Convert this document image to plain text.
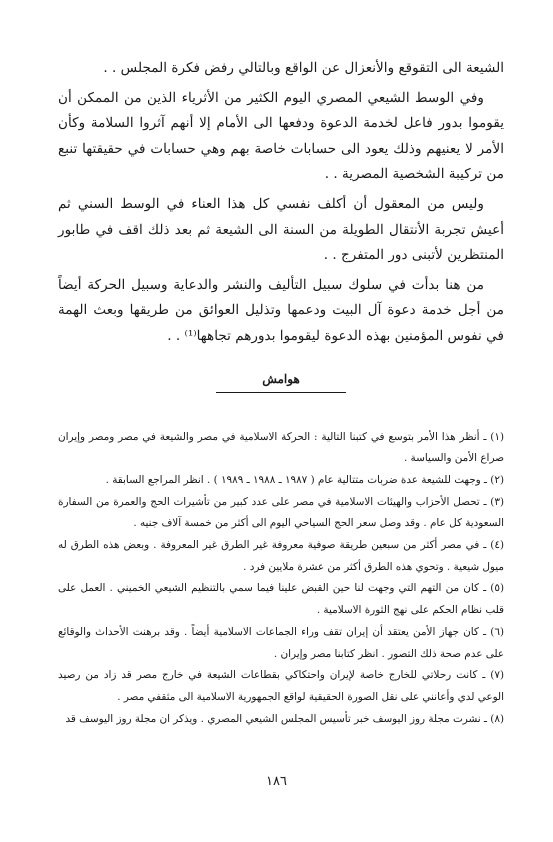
الشيعة الى التقوقع والأنعزال عن الواقع وبالتالي رفض فكرة المجلس . .

وفي الوسط الشيعي المصري اليوم الكثير من الأثرياء الذين من الممكن أن يقوموا بدور فاعل لخدمة الدعوة ودفعها الى الأمام إلا أنهم آثروا السلامة وكأن الأمر لا يعنيهم وذلك يعود الى حسابات خاصة بهم وهي حسابات في حقيقتها تنبع من تركيبة الشخصية المصرية . .

وليس من المعقول أن أكلف نفسي كل هذا العناء في الوسط السني ثم أعيش تجربة الأنتقال الطويلة من السنة الى الشيعة ثم بعد ذلك اقف في طابور المنتظرين لأتبنى دور المتفرج . .

من هنا بدأت في سلوك سبيل التأليف والنشر والدعاية وسبيل الحركة أيضاً من أجل خدمة دعوة آل البيت ودعمها وتذليل العوائق من طريقها وبعث الهمة في نفوس المؤمنين بهذه الدعوة ليقوموا بدورهم تجاهها⁽¹⁾ . .

هوامش

(١) ـ أنظر هذا الأمر بتوسع في كتبنا التالية : الحركة الاسلامية في مصر والشيعة في مصر ومصر وإيران صراع الأمن والسياسة .

(٢) ـ وجهت للشيعة عدة ضربات متتالية عام ( ١٩٨٧ ـ ١٩٨٨ ـ ١٩٨٩ ) . انظر المراجع السابقة .

(٣) ـ تحصل الأحزاب والهيئات الاسلامية في مصر على عدد كبير من تأشيرات الحج والعمرة من السفارة السعودية كل عام . وقد وصل سعر الحج السياحي اليوم الى أكثر من خمسة آلاف جنيه .

(٤) ـ في مصر أكثر من سبعين طريقة صوفية معروفة غير الطرق غير المعروفة . وبعض هذه الطرق له ميول شيعية . وتحوي هذه الطرق أكثر من عشرة ملايين فرد .

(٥) ـ كان من التهم التي وجهت لنا حين القبض علينا فيما سمي بالتنظيم الشيعي الخميني . العمل على قلب نظام الحكم على نهج الثورة الاسلامية .

(٦) ـ كان جهاز الأمن يعتقد أن إيران تقف وراء الجماعات الاسلامية أيضاً . وقد برهنت الأحداث والوقائع على عدم صحة ذلك التصور . انظر كتابنا مصر وإيران .

(٧) ـ كانت رحلاتي للخارج خاصة لإيران واحتكاكي بقطاعات الشيعة في خارج مصر قد زاد من رصيد الوعي لدي وأعانني على نقل الصورة الحقيقية لواقع الجمهورية الاسلامية الى مثقفي مصر .

(٨) ـ نشرت مجلة روز اليوسف خبر تأسيس المجلس الشيعي المصري . ويذكر ان مجلة روز اليوسف قد

١٨٦
